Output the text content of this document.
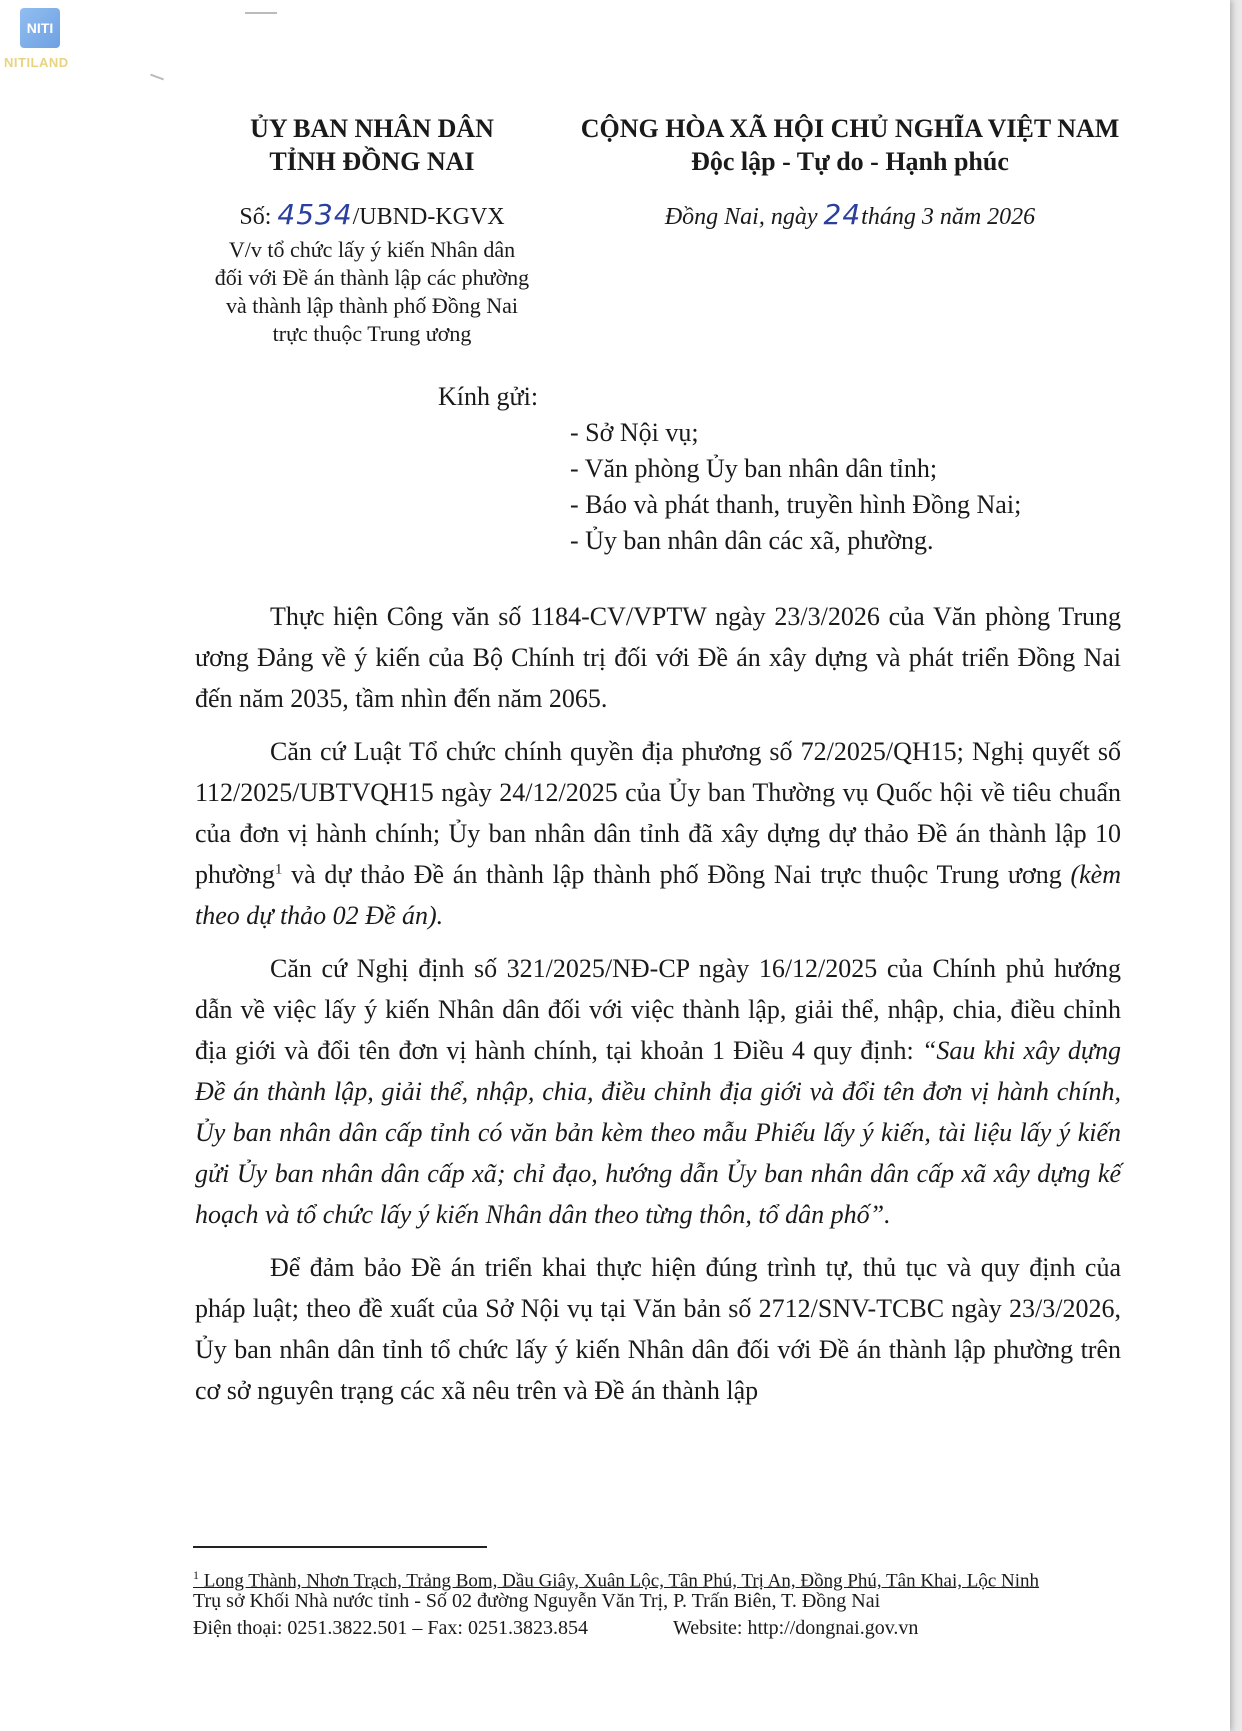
NITI
NITILAND
ỦY BAN NHÂN DÂN
TỈNH ĐỒNG NAI
CỘNG HÒA XÃ HỘI CHỦ NGHĨA VIỆT NAM
Độc lập - Tự do - Hạnh phúc
Số: 4534/UBND-KGVX
V/v tổ chức lấy ý kiến Nhân dân
đối với Đề án thành lập các phường
và thành lập thành phố Đồng Nai
trực thuộc Trung ương
Đồng Nai, ngày 24tháng 3 năm 2026
Kính gửi:
- Sở Nội vụ;
- Văn phòng Ủy ban nhân dân tỉnh;
- Báo và phát thanh, truyền hình Đồng Nai;
- Ủy ban nhân dân các xã, phường.

Thực hiện Công văn số 1184-CV/VPTW ngày 23/3/2026 của Văn phòng Trung ương Đảng về ý kiến của Bộ Chính trị đối với Đề án xây dựng và phát triển Đồng Nai đến năm 2035, tầm nhìn đến năm 2065.

Căn cứ Luật Tổ chức chính quyền địa phương số 72/2025/QH15; Nghị quyết số 112/2025/UBTVQH15 ngày 24/12/2025 của Ủy ban Thường vụ Quốc hội về tiêu chuẩn của đơn vị hành chính; Ủy ban nhân dân tỉnh đã xây dựng dự thảo Đề án thành lập 10 phường$^1$ và dự thảo Đề án thành lập thành phố Đồng Nai trực thuộc Trung ương (kèm theo dự thảo 02 Đề án).

Căn cứ Nghị định số 321/2025/NĐ-CP ngày 16/12/2025 của Chính phủ hướng dẫn về việc lấy ý kiến Nhân dân đối với việc thành lập, giải thể, nhập, chia, điều chỉnh địa giới và đổi tên đơn vị hành chính, tại khoản 1 Điều 4 quy định: “Sau khi xây dựng Đề án thành lập, giải thể, nhập, chia, điều chỉnh địa giới và đổi tên đơn vị hành chính, Ủy ban nhân dân cấp tỉnh có văn bản kèm theo mẫu Phiếu lấy ý kiến, tài liệu lấy ý kiến gửi Ủy ban nhân dân cấp xã; chỉ đạo, hướng dẫn Ủy ban nhân dân cấp xã xây dựng kế hoạch và tổ chức lấy ý kiến Nhân dân theo từng thôn, tổ dân phố”.

Để đảm bảo Đề án triển khai thực hiện đúng trình tự, thủ tục và quy định của pháp luật; theo đề xuất của Sở Nội vụ tại Văn bản số 2712/SNV-TCBC ngày 23/3/2026, Ủy ban nhân dân tỉnh tổ chức lấy ý kiến Nhân dân đối với Đề án thành lập phường trên cơ sở nguyên trạng các xã nêu trên và Đề án thành lập

$^1$ Long Thành, Nhơn Trạch, Trảng Bom, Dầu Giây, Xuân Lộc, Tân Phú, Trị An, Đồng Phú, Tân Khai, Lộc Ninh
Trụ sở Khối Nhà nước tỉnh - Số 02 đường Nguyễn Văn Trị, P. Trấn Biên, T. Đồng Nai
Điện thoại: 0251.3822.501 – Fax: 0251.3823.854	Website: http://dongnai.gov.vn
